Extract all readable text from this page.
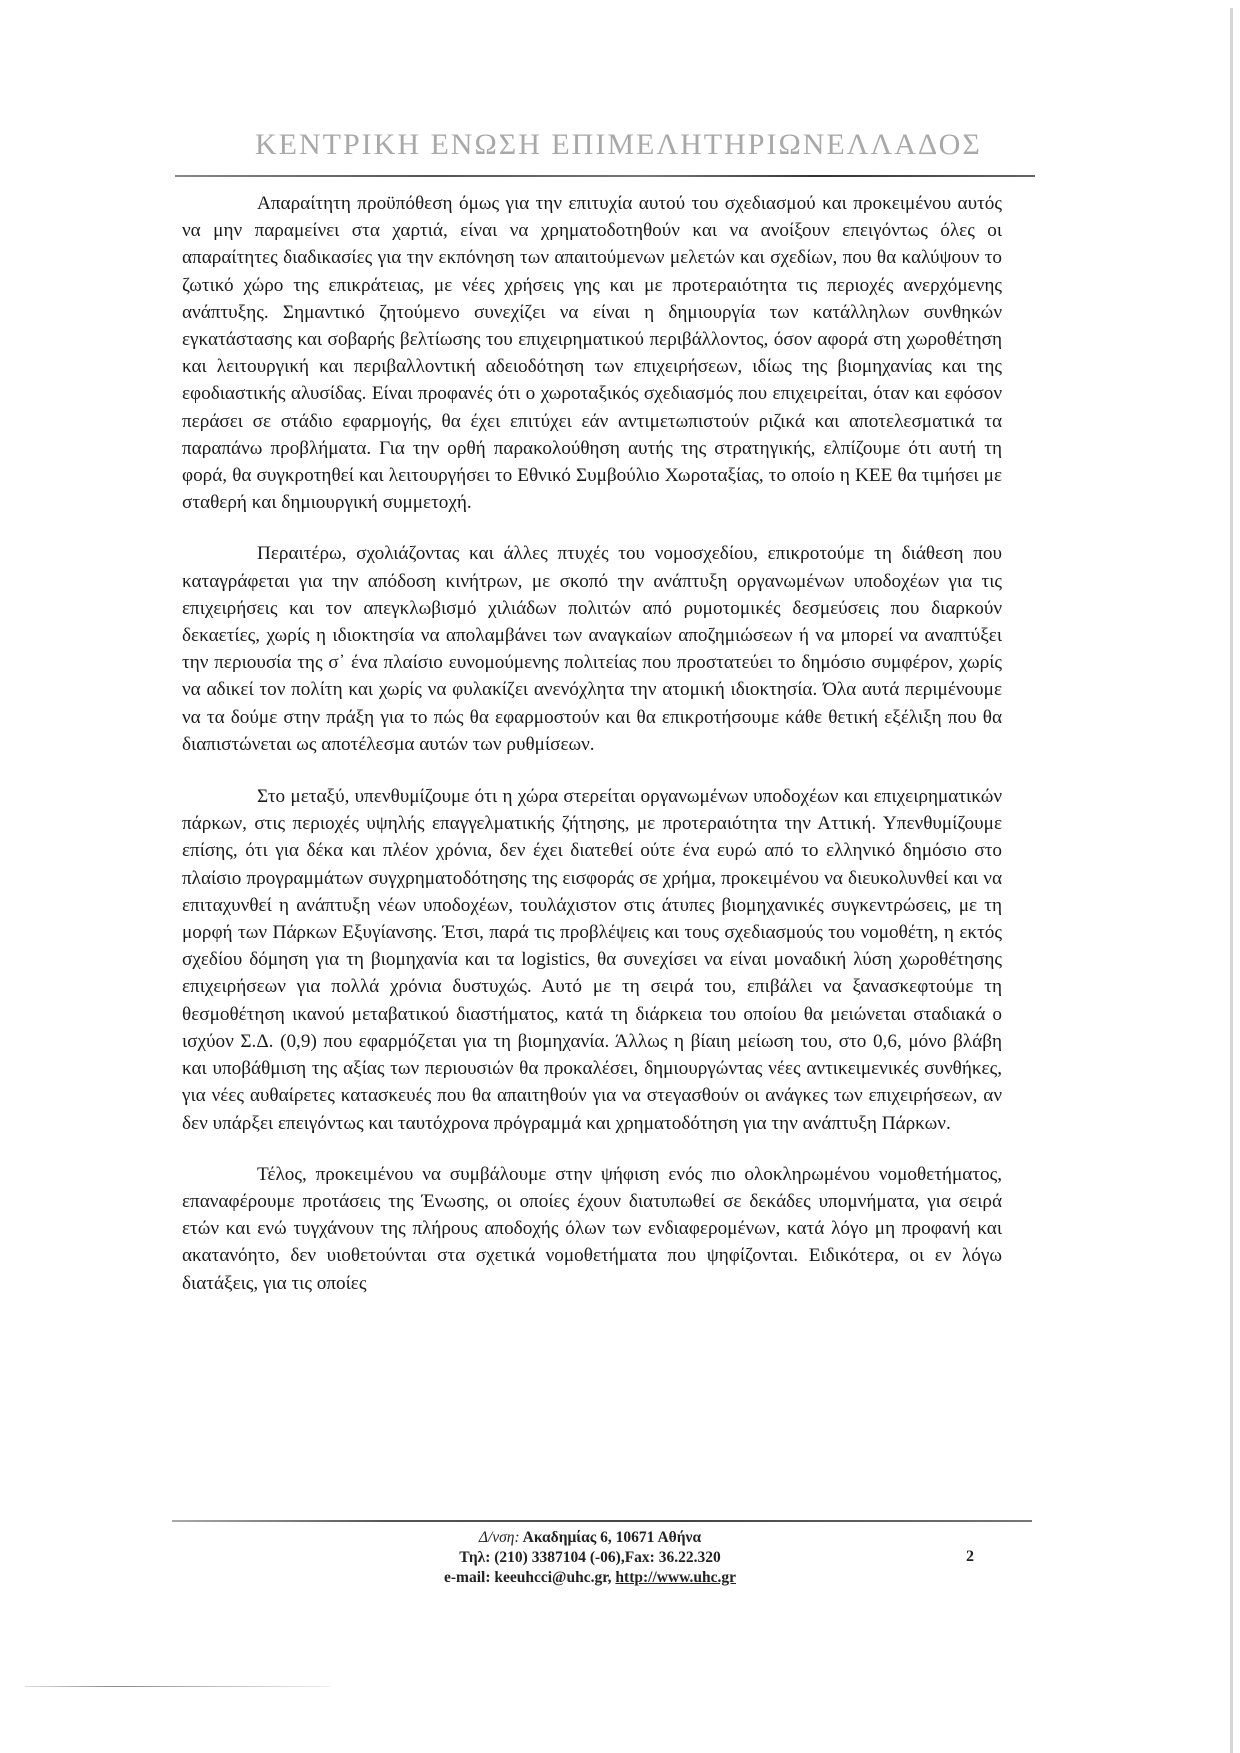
ΚΕΝΤΡΙΚΗ ΕΝΩΣΗ ΕΠΙΜΕΛΗΤΗΡΙΩΝΕΛΛΑΔΟΣ

Απαραίτητη προϋπόθεση όμως για την επιτυχία αυτού του σχεδιασμού και προκειμένου αυτός να μην παραμείνει στα χαρτιά, είναι να χρηματοδοτηθούν και να ανοίξουν επειγόντως όλες οι απαραίτητες διαδικασίες για την εκπόνηση των απαιτούμενων μελετών και σχεδίων, που θα καλύψουν το ζωτικό χώρο της επικράτειας, με νέες χρήσεις γης και με προτεραιότητα τις περιοχές ανερχόμενης ανάπτυξης. Σημαντικό ζητούμενο συνεχίζει να είναι η δημιουργία των κατάλληλων συνθηκών εγκατάστασης και σοβαρής βελτίωσης του επιχειρηματικού περιβάλλοντος, όσον αφορά στη χωροθέτηση και λειτουργική και περιβαλλοντική αδειοδότηση των επιχειρήσεων, ιδίως της βιομηχανίας και της εφοδιαστικής αλυσίδας. Είναι προφανές ότι ο χωροταξικός σχεδιασμός που επιχειρείται, όταν και εφόσον περάσει σε στάδιο εφαρμογής, θα έχει επιτύχει εάν αντιμετωπιστούν ριζικά και αποτελεσματικά τα παραπάνω προβλήματα. Για την ορθή παρακολούθηση αυτής της στρατηγικής, ελπίζουμε ότι αυτή τη φορά, θα συγκροτηθεί και λειτουργήσει το Εθνικό Συμβούλιο Χωροταξίας, το οποίο η ΚΕΕ θα τιμήσει με σταθερή και δημιουργική συμμετοχή.

Περαιτέρω, σχολιάζοντας και άλλες πτυχές του νομοσχεδίου, επικροτούμε τη διάθεση που καταγράφεται για την απόδοση κινήτρων, με σκοπό την ανάπτυξη οργανωμένων υποδοχέων για τις επιχειρήσεις και τον απεγκλωβισμό χιλιάδων πολιτών από ρυμοτομικές δεσμεύσεις που διαρκούν δεκαετίες, χωρίς η ιδιοκτησία να απολαμβάνει των αναγκαίων αποζημιώσεων ή να μπορεί να αναπτύξει την περιουσία της σ᾽ ένα πλαίσιο ευνομούμενης πολιτείας που προστατεύει το δημόσιο συμφέρον, χωρίς να αδικεί τον πολίτη και χωρίς να φυλακίζει ανενόχλητα την ατομική ιδιοκτησία. Όλα αυτά περιμένουμε να τα δούμε στην πράξη για το πώς θα εφαρμοστούν και θα επικροτήσουμε κάθε θετική εξέλιξη που θα διαπιστώνεται ως αποτέλεσμα αυτών των ρυθμίσεων.

Στο μεταξύ, υπενθυμίζουμε ότι η χώρα στερείται οργανωμένων υποδοχέων και επιχειρηματικών πάρκων, στις περιοχές υψηλής επαγγελματικής ζήτησης, με προτεραιότητα την Αττική. Υπενθυμίζουμε επίσης, ότι για δέκα και πλέον χρόνια, δεν έχει διατεθεί ούτε ένα ευρώ από το ελληνικό δημόσιο στο πλαίσιο προγραμμάτων συγχρηματοδότησης της εισφοράς σε χρήμα, προκειμένου να διευκολυνθεί και να επιταχυνθεί η ανάπτυξη νέων υποδοχέων, τουλάχιστον στις άτυπες βιομηχανικές συγκεντρώσεις, με τη μορφή των Πάρκων Εξυγίανσης. Έτσι, παρά τις προβλέψεις και τους σχεδιασμούς του νομοθέτη, η εκτός σχεδίου δόμηση για τη βιομηχανία και τα logistics, θα συνεχίσει να είναι μοναδική λύση χωροθέτησης επιχειρήσεων για πολλά χρόνια δυστυχώς. Αυτό με τη σειρά του, επιβάλει να ξανασκεφτούμε τη θεσμοθέτηση ικανού μεταβατικού διαστήματος, κατά τη διάρκεια του οποίου θα μειώνεται σταδιακά ο ισχύον Σ.Δ. (0,9) που εφαρμόζεται για τη βιομηχανία. Άλλως η βίαιη μείωση του, στο 0,6, μόνο βλάβη και υποβάθμιση της αξίας των περιουσιών θα προκαλέσει, δημιουργώντας νέες αντικειμενικές συνθήκες, για νέες αυθαίρετες κατασκευές που θα απαιτηθούν για να στεγασθούν οι ανάγκες των επιχειρήσεων, αν δεν υπάρξει επειγόντως και ταυτόχρονα πρόγραμμά και χρηματοδότηση για την ανάπτυξη Πάρκων.

Τέλος, προκειμένου να συμβάλουμε στην ψήφιση ενός πιο ολοκληρωμένου νομοθετήματος, επαναφέρουμε προτάσεις της Ένωσης, οι οποίες έχουν διατυπωθεί σε δεκάδες υπομνήματα, για σειρά ετών και ενώ τυγχάνουν της πλήρους αποδοχής όλων των ενδιαφερομένων, κατά λόγο μη προφανή και ακατανόητο, δεν υιοθετούνται στα σχετικά νομοθετήματα που ψηφίζονται. Ειδικότερα, οι εν λόγω διατάξεις, για τις οποίες

Δ/νση: Ακαδημίας 6, 10671 Αθήνα
Τηλ: (210) 3387104 (-06),Fax: 36.22.320
e-mail: keeuhcci@uhc.gr, http://www.uhc.gr
2
